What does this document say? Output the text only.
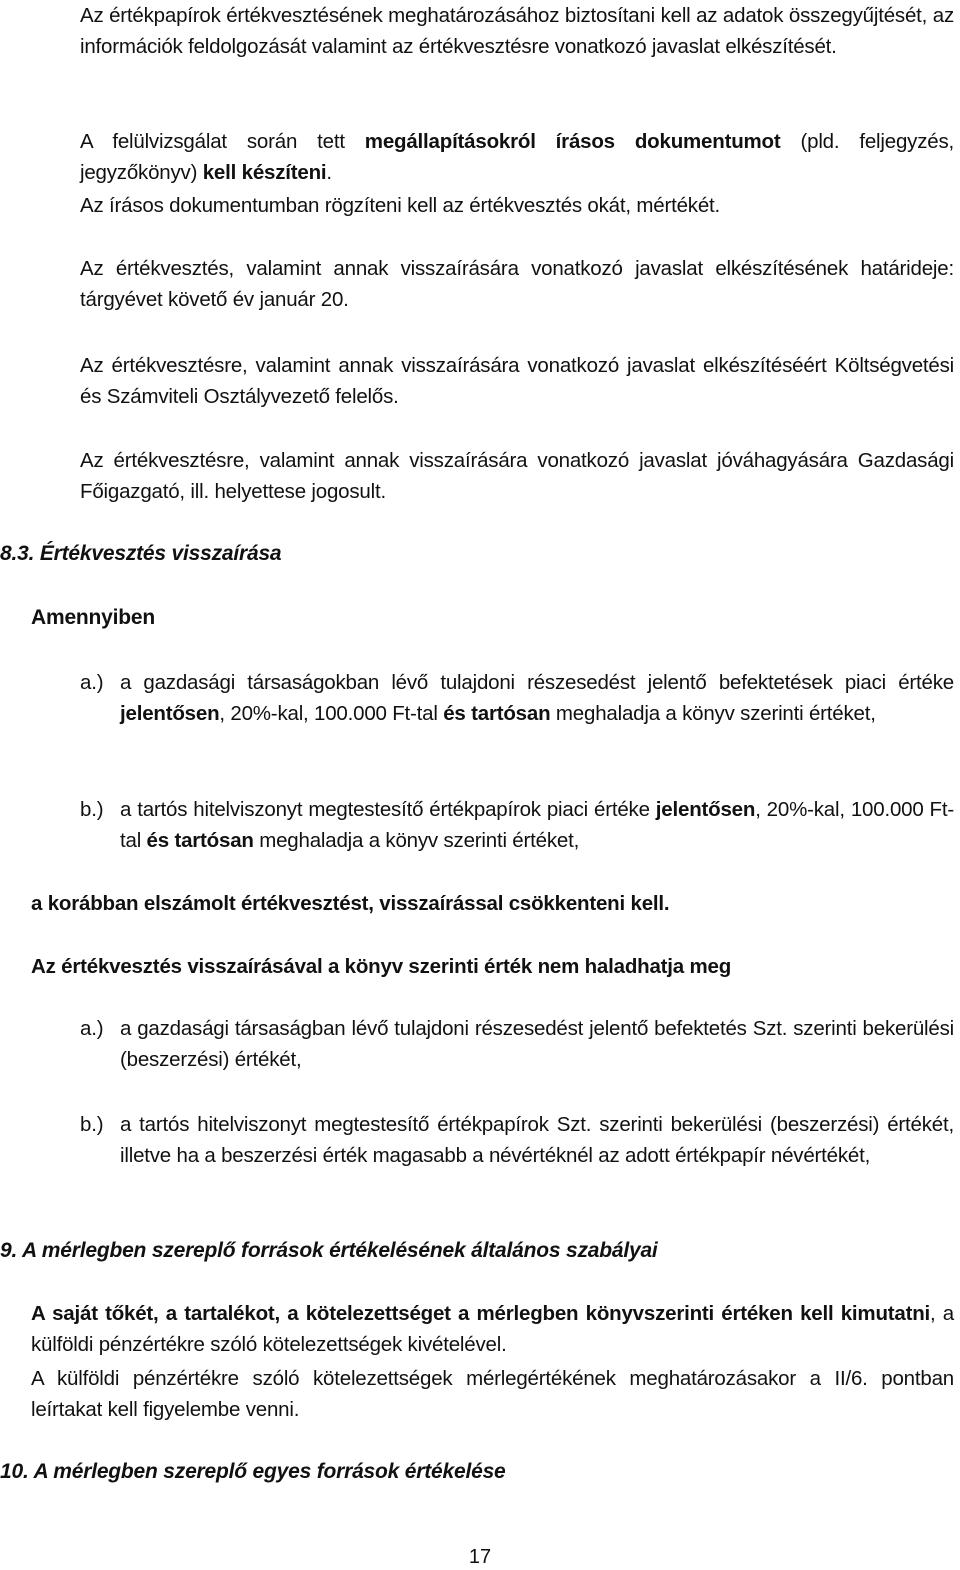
Az értékpapírok értékvesztésének meghatározásához biztosítani kell az adatok összegyűjtését, az információk feldolgozását valamint az értékvesztésre vonatkozó javaslat elkészítését.

A felülvizsgálat során tett megállapításokról írásos dokumentumot (pld. feljegyzés, jegyzőkönyv) kell készíteni.

Az írásos dokumentumban rögzíteni kell az értékvesztés okát, mértékét.

Az értékvesztés, valamint annak visszaírására vonatkozó javaslat elkészítésének határideje: tárgyévet követő év január 20.

Az értékvesztésre, valamint annak visszaírására vonatkozó javaslat elkészítéséért Költségvetési és Számviteli Osztályvezető felelős.

Az értékvesztésre, valamint annak visszaírására vonatkozó javaslat jóváhagyására Gazdasági Főigazgató, ill. helyettese jogosult.

8.3. Értékvesztés visszaírása
Amennyiben
a.) a gazdasági társaságokban lévő tulajdoni részesedést jelentő befektetések piaci értéke jelentősen, 20%-kal, 100.000 Ft-tal és tartósan meghaladja a könyv szerinti értéket,
b.) a tartós hitelviszonyt megtestesítő értékpapírok piaci értéke jelentősen, 20%-kal, 100.000 Ft-tal és tartósan meghaladja a könyv szerinti értéket,
a korábban elszámolt értékvesztést, visszaírással csökkenteni kell.
Az értékvesztés visszaírásával a könyv szerinti érték nem haladhatja meg
a.) a gazdasági társaságban lévő tulajdoni részesedést jelentő befektetés Szt. szerinti bekerülési (beszerzési) értékét,
b.) a tartós hitelviszonyt megtestesítő értékpapírok Szt. szerinti bekerülési (beszerzési) értékét, illetve ha a beszerzési érték magasabb a névértéknél az adott értékpapír névértékét,
9. A mérlegben szereplő források értékelésének általános szabályai

A saját tőkét, a tartalékot, a kötelezettséget a mérlegben könyvszerinti értéken kell kimutatni, a külföldi pénzértékre szóló kötelezettségek kivételével.

A külföldi pénzértékre szóló kötelezettségek mérlegértékének meghatározásakor a II/6. pontban leírtakat kell figyelembe venni.

10. A mérlegben szereplő egyes források értékelése
17
